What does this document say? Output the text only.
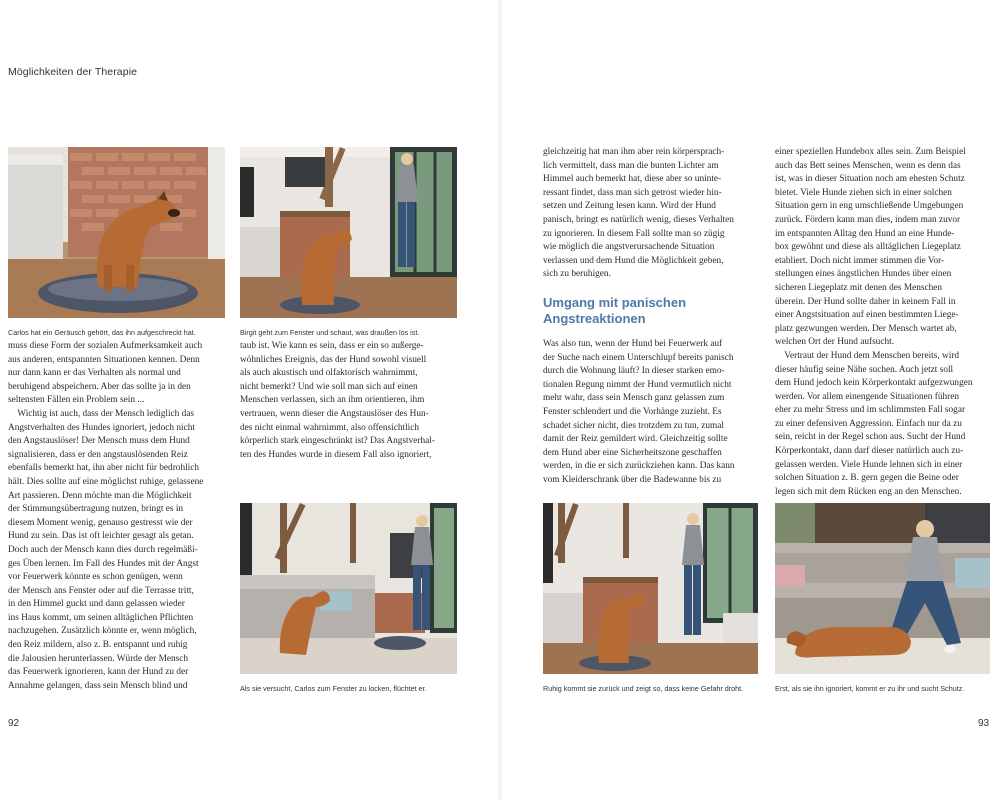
Möglichkeiten der Therapie
Carlos hat ein Geräusch gehört, das ihn aufgeschreckt hat.	Birgit geht zum Fenster und schaut, was draußen los ist.
muss diese Form der sozialen Aufmerksamkeit auch
aus anderen, entspannten Situationen kennen. Denn
nur dann kann er das Verhalten als normal und
beruhigend abspeichern. Aber das sollte ja in den
seltensten Fällen ein Problem sein ...
 Wichtig ist auch, dass der Mensch lediglich das
Angstverhalten des Hundes ignoriert, jedoch nicht
den Angstauslöser! Der Mensch muss dem Hund
signalisieren, dass er den angstauslösenden Reiz
ebenfalls bemerkt hat, ihn aber nicht für bedrohlich
hält. Dies sollte auf eine möglichst ruhige, gelassene
Art passieren. Denn möchte man die Möglichkeit
der Stimmungsübertragung nutzen, bringt es in
diesem Moment wenig, genauso gestresst wie der
Hund zu sein. Das ist oft leichter gesagt als getan.
Doch auch der Mensch kann dies durch regelmäßi-
ges Üben lernen. Im Fall des Hundes mit der Angst
vor Feuerwerk könnte es schon genügen, wenn
der Mensch ans Fenster oder auf die Terrasse tritt,
in den Himmel guckt und dann gelassen wieder
ins Haus kommt, um seinen alltäglichen Pflichten
nachzugehen. Zusätzlich könnte er, wenn möglich,
den Reiz mildern, also z. B. entspannt und ruhig
die Jalousien herunterlassen. Würde der Mensch
das Feuerwerk ignorieren, kann der Hund zu der
Annahme gelangen, dass sein Mensch blind und
taub ist. Wie kann es sein, dass er ein so außerge-
wöhnliches Ereignis, das der Hund sowohl visuell
als auch akustisch und olfaktorisch wahrnimmt,
nicht bemerkt? Und wie soll man sich auf einen
Menschen verlassen, sich an ihm orientieren, ihm
vertrauen, wenn dieser die Angstauslöser des Hun-
des nicht einmal wahrnimmt, also offensichtlich
körperlich stark eingeschränkt ist? Das Angstverhal-
ten des Hundes wurde in diesem Fall also ignoriert,
Als sie versucht, Carlos zum Fenster zu locken, flüchtet er.
92
gleichzeitig hat man ihm aber rein körpersprach-
lich vermittelt, dass man die bunten Lichter am
Himmel auch bemerkt hat, diese aber so uninte-
ressant findet, dass man sich getrost wieder hin-
setzen und Zeitung lesen kann. Wird der Hund
panisch, bringt es natürlich wenig, dieses Verhalten
zu ignorieren. In diesem Fall sollte man so zügig
wie möglich die angstverursachende Situation
verlassen und dem Hund die Möglichkeit geben,
sich zu beruhigen.
Umgang mit panischen
Angstreaktionen
Was also tun, wenn der Hund bei Feuerwerk auf
der Suche nach einem Unterschlupf bereits panisch
durch die Wohnung läuft? In dieser starken emo-
tionalen Regung nimmt der Hund vermutlich nicht
mehr wahr, dass sein Mensch ganz gelassen zum
Fenster schlendert und die Vorhänge zuzieht. Es
schadet sicher nicht, dies trotzdem zu tun, zumal
damit der Reiz gemildert wird. Gleichzeitig sollte
dem Hund aber eine Sicherheitszone geschaffen
werden, in die er sich zurückziehen kann. Das kann
vom Kleiderschrank über die Badewanne bis zu
einer speziellen Hundebox alles sein. Zum Beispiel
auch das Bett seines Menschen, wenn es denn das
ist, was in dieser Situation noch am ehesten Schutz
bietet. Viele Hunde ziehen sich in einer solchen
Situation gern in eng umschließende Umgebungen
zurück. Fördern kann man dies, indem man zuvor
im entspannten Alltag den Hund an eine Hunde-
box gewöhnt und diese als alltäglichen Liegeplatz
etabliert. Doch nicht immer stimmen die Vor-
stellungen eines ängstlichen Hundes über einen
sicheren Liegeplatz mit denen des Menschen
überein. Der Hund sollte daher in keinem Fall in
einer Angstsituation auf einen bestimmten Liege-
platz gezwungen werden. Der Mensch wartet ab,
welchen Ort der Hund aufsucht.
 Vertraut der Hund dem Menschen bereits, wird
dieser häufig seine Nähe suchen. Auch jetzt soll
dem Hund jedoch kein Körperkontakt aufgezwungen
werden. Vor allem einengende Situationen führen
eher zu mehr Stress und im schlimmsten Fall sogar
zu einer defensiven Aggression. Einfach nur da zu
sein, reicht in der Regel schon aus. Sucht der Hund
Körperkontakt, dann darf dieser natürlich auch zu-
gelassen werden. Viele Hunde lehnen sich in einer
solchen Situation z. B. gern gegen die Beine oder
legen sich mit dem Rücken eng an den Menschen.
Ruhig kommt sie zurück und zeigt so, dass keine Gefahr droht.	Erst, als sie ihn ignoriert, kommt er zu ihr und sucht Schutz.
93
